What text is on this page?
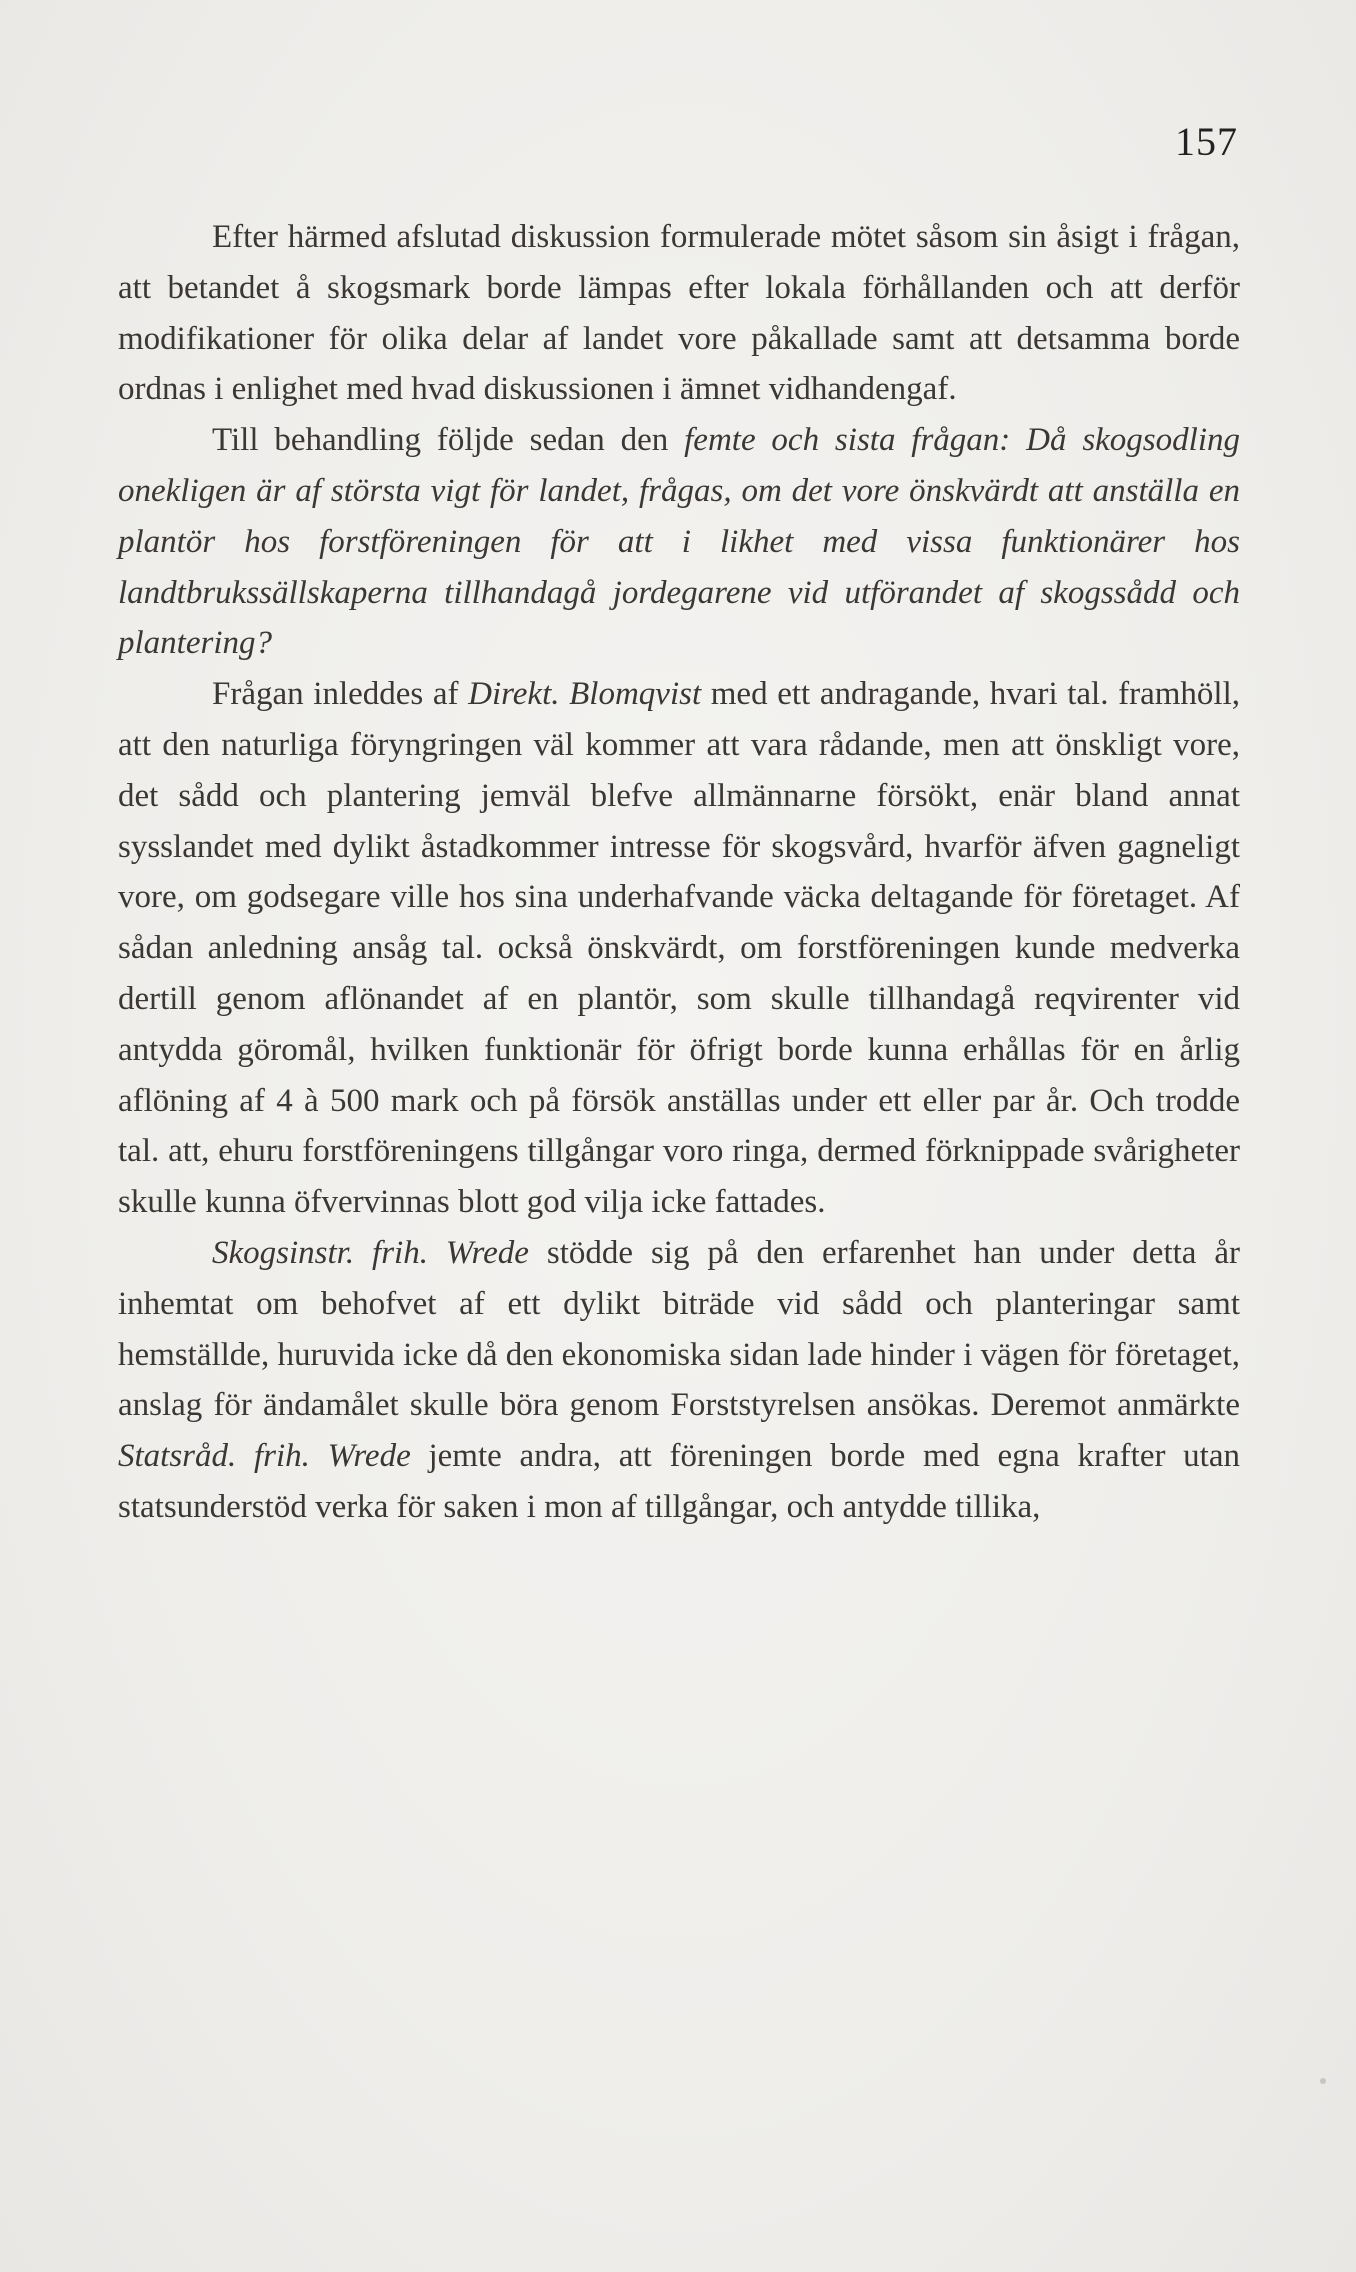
157

Efter härmed afslutad diskussion formulerade mötet såsom sin åsigt i frågan, att betandet å skogsmark borde lämpas efter lokala förhållanden och att derför modifikationer för olika delar af landet vore påkallade samt att detsamma borde ordnas i enlighet med hvad diskussionen i ämnet vidhandengaf.

Till behandling följde sedan den femte och sista frågan: Då skogsodling onekligen är af största vigt för landet, frågas, om det vore önskvärdt att anställa en plantör hos forstföreningen för att i likhet med vissa funktionärer hos landtbrukssällskaperna tillhandagå jordegarene vid utförandet af skogssådd och plantering?

Frågan inleddes af Direkt. Blomqvist med ett andragande, hvari tal. framhöll, att den naturliga föryngringen väl kommer att vara rådande, men att önskligt vore, det sådd och plantering jemväl blefve allmännarne försökt, enär bland annat sysslandet med dylikt åstadkommer intresse för skogsvård, hvarför äfven gagneligt vore, om godsegare ville hos sina underhafvande väcka deltagande för företaget. Af sådan anledning ansåg tal. också önskvärdt, om forstföreningen kunde medverka dertill genom aflönandet af en plantör, som skulle tillhandagå reqvirenter vid antydda göromål, hvilken funktionär för öfrigt borde kunna erhållas för en årlig aflöning af 4 à 500 mark och på försök anställas under ett eller par år. Och trodde tal. att, ehuru forstföreningens tillgångar voro ringa, dermed förknippade svårigheter skulle kunna öfvervinnas blott god vilja icke fattades.

Skogsinstr. frih. Wrede stödde sig på den erfarenhet han under detta år inhemtat om behofvet af ett dylikt biträde vid sådd och planteringar samt hemställde, huruvida icke då den ekonomiska sidan lade hinder i vägen för företaget, anslag för ändamålet skulle böra genom Forststyrelsen ansökas. Deremot anmärkte Statsråd. frih. Wrede jemte andra, att föreningen borde med egna krafter utan statsunderstöd verka för saken i mon af tillgångar, och antydde tillika,
